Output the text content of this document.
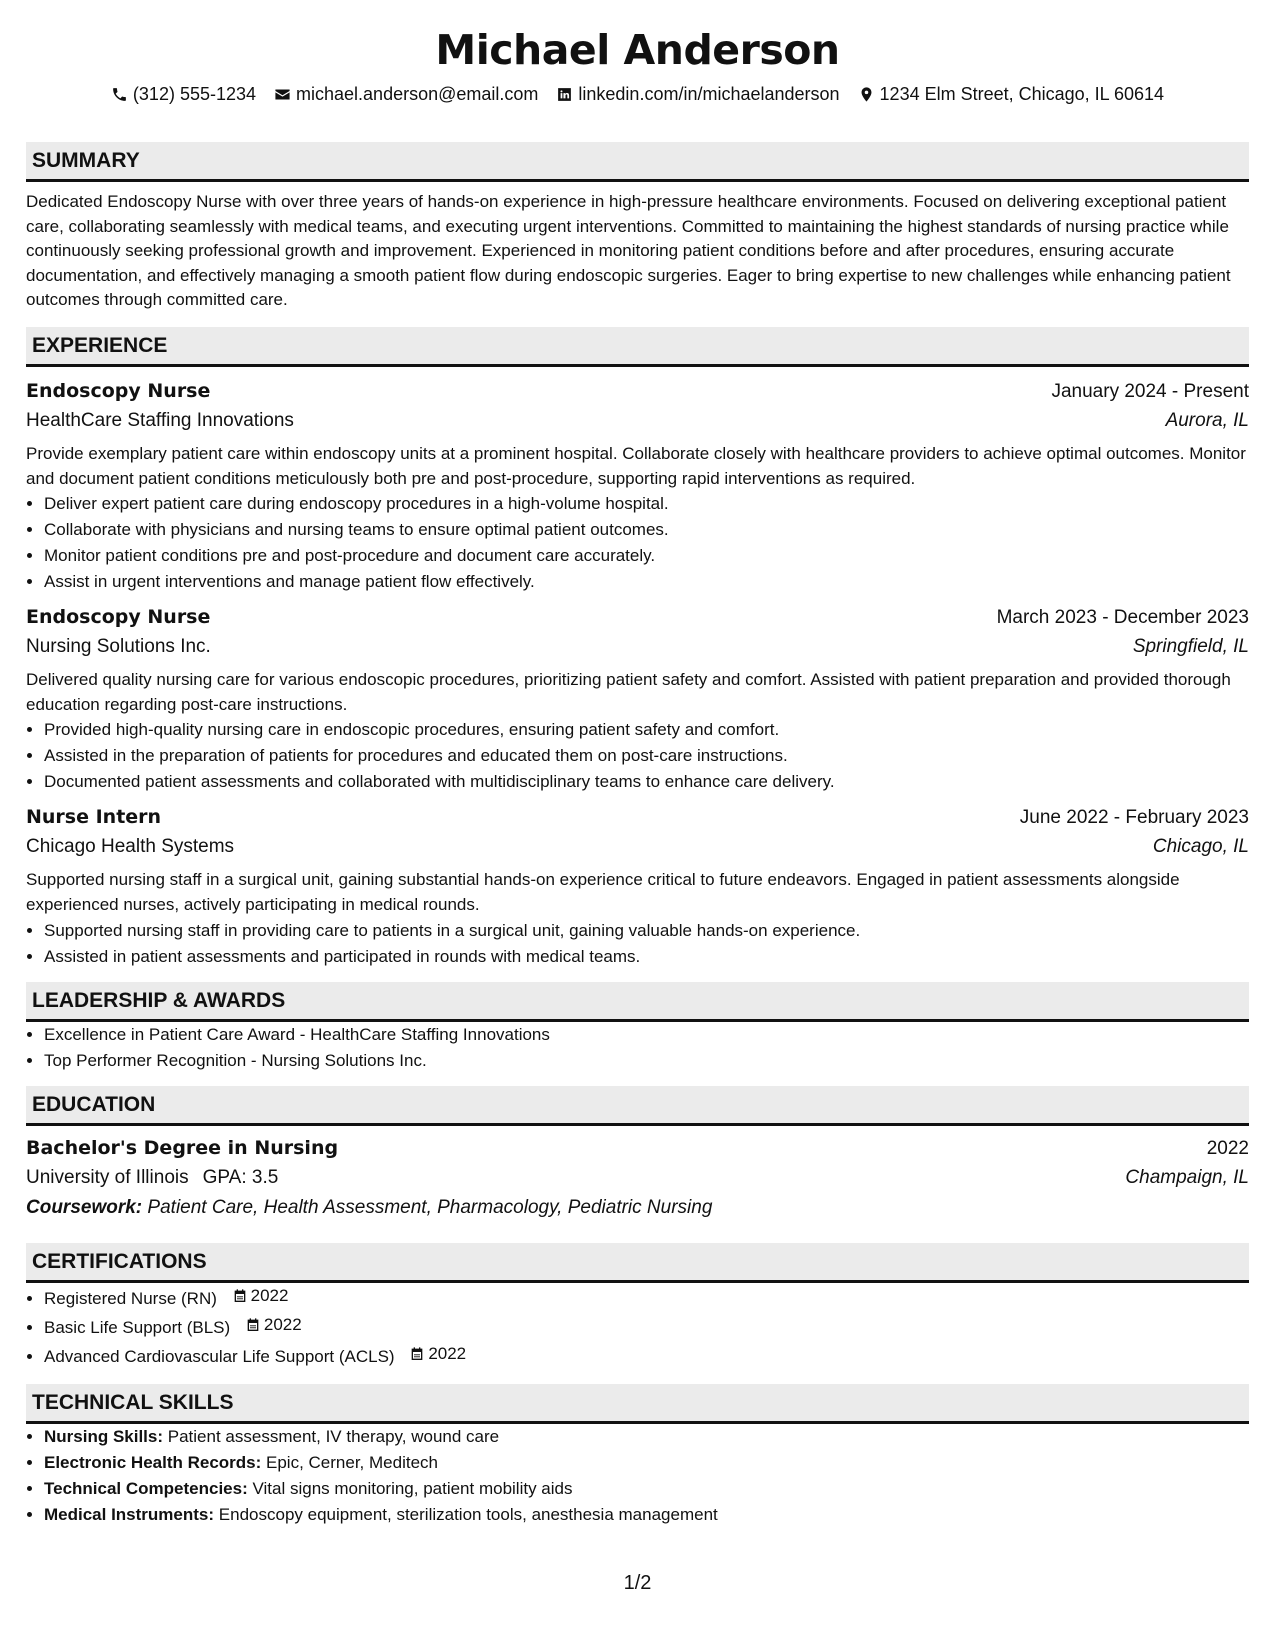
Michael Anderson
(312) 555-1234 michael.anderson@email.com linkedin.com/in/michaelanderson 1234 Elm Street, Chicago, IL 60614
SUMMARY
Dedicated Endoscopy Nurse with over three years of hands-on experience in high-pressure healthcare environments. Focused on delivering exceptional patient care, collaborating seamlessly with medical teams, and executing urgent interventions. Committed to maintaining the highest standards of nursing practice while continuously seeking professional growth and improvement. Experienced in monitoring patient conditions before and after procedures, ensuring accurate documentation, and effectively managing a smooth patient flow during endoscopic surgeries. Eager to bring expertise to new challenges while enhancing patient outcomes through committed care.
EXPERIENCE
Endoscopy Nurse	January 2024 - Present
HealthCare Staffing Innovations	Aurora, IL
Provide exemplary patient care within endoscopy units at a prominent hospital. Collaborate closely with healthcare providers to achieve optimal outcomes. Monitor and document patient conditions meticulously both pre and post-procedure, supporting rapid interventions as required.
• Deliver expert patient care during endoscopy procedures in a high-volume hospital.
• Collaborate with physicians and nursing teams to ensure optimal patient outcomes.
• Monitor patient conditions pre and post-procedure and document care accurately.
• Assist in urgent interventions and manage patient flow effectively.
Endoscopy Nurse	March 2023 - December 2023
Nursing Solutions Inc.	Springfield, IL
Delivered quality nursing care for various endoscopic procedures, prioritizing patient safety and comfort. Assisted with patient preparation and provided thorough education regarding post-care instructions.
• Provided high-quality nursing care in endoscopic procedures, ensuring patient safety and comfort.
• Assisted in the preparation of patients for procedures and educated them on post-care instructions.
• Documented patient assessments and collaborated with multidisciplinary teams to enhance care delivery.
Nurse Intern	June 2022 - February 2023
Chicago Health Systems	Chicago, IL
Supported nursing staff in a surgical unit, gaining substantial hands-on experience critical to future endeavors. Engaged in patient assessments alongside experienced nurses, actively participating in medical rounds.
• Supported nursing staff in providing care to patients in a surgical unit, gaining valuable hands-on experience.
• Assisted in patient assessments and participated in rounds with medical teams.
LEADERSHIP & AWARDS
• Excellence in Patient Care Award - HealthCare Staffing Innovations
• Top Performer Recognition - Nursing Solutions Inc.
EDUCATION
Bachelor's Degree in Nursing	2022
University of Illinois GPA: 3.5	Champaign, IL
Coursework: Patient Care, Health Assessment, Pharmacology, Pediatric Nursing
CERTIFICATIONS
• Registered Nurse (RN) 2022
• Basic Life Support (BLS) 2022
• Advanced Cardiovascular Life Support (ACLS) 2022
TECHNICAL SKILLS
• Nursing Skills: Patient assessment, IV therapy, wound care
• Electronic Health Records: Epic, Cerner, Meditech
• Technical Competencies: Vital signs monitoring, patient mobility aids
• Medical Instruments: Endoscopy equipment, sterilization tools, anesthesia management
1/2
